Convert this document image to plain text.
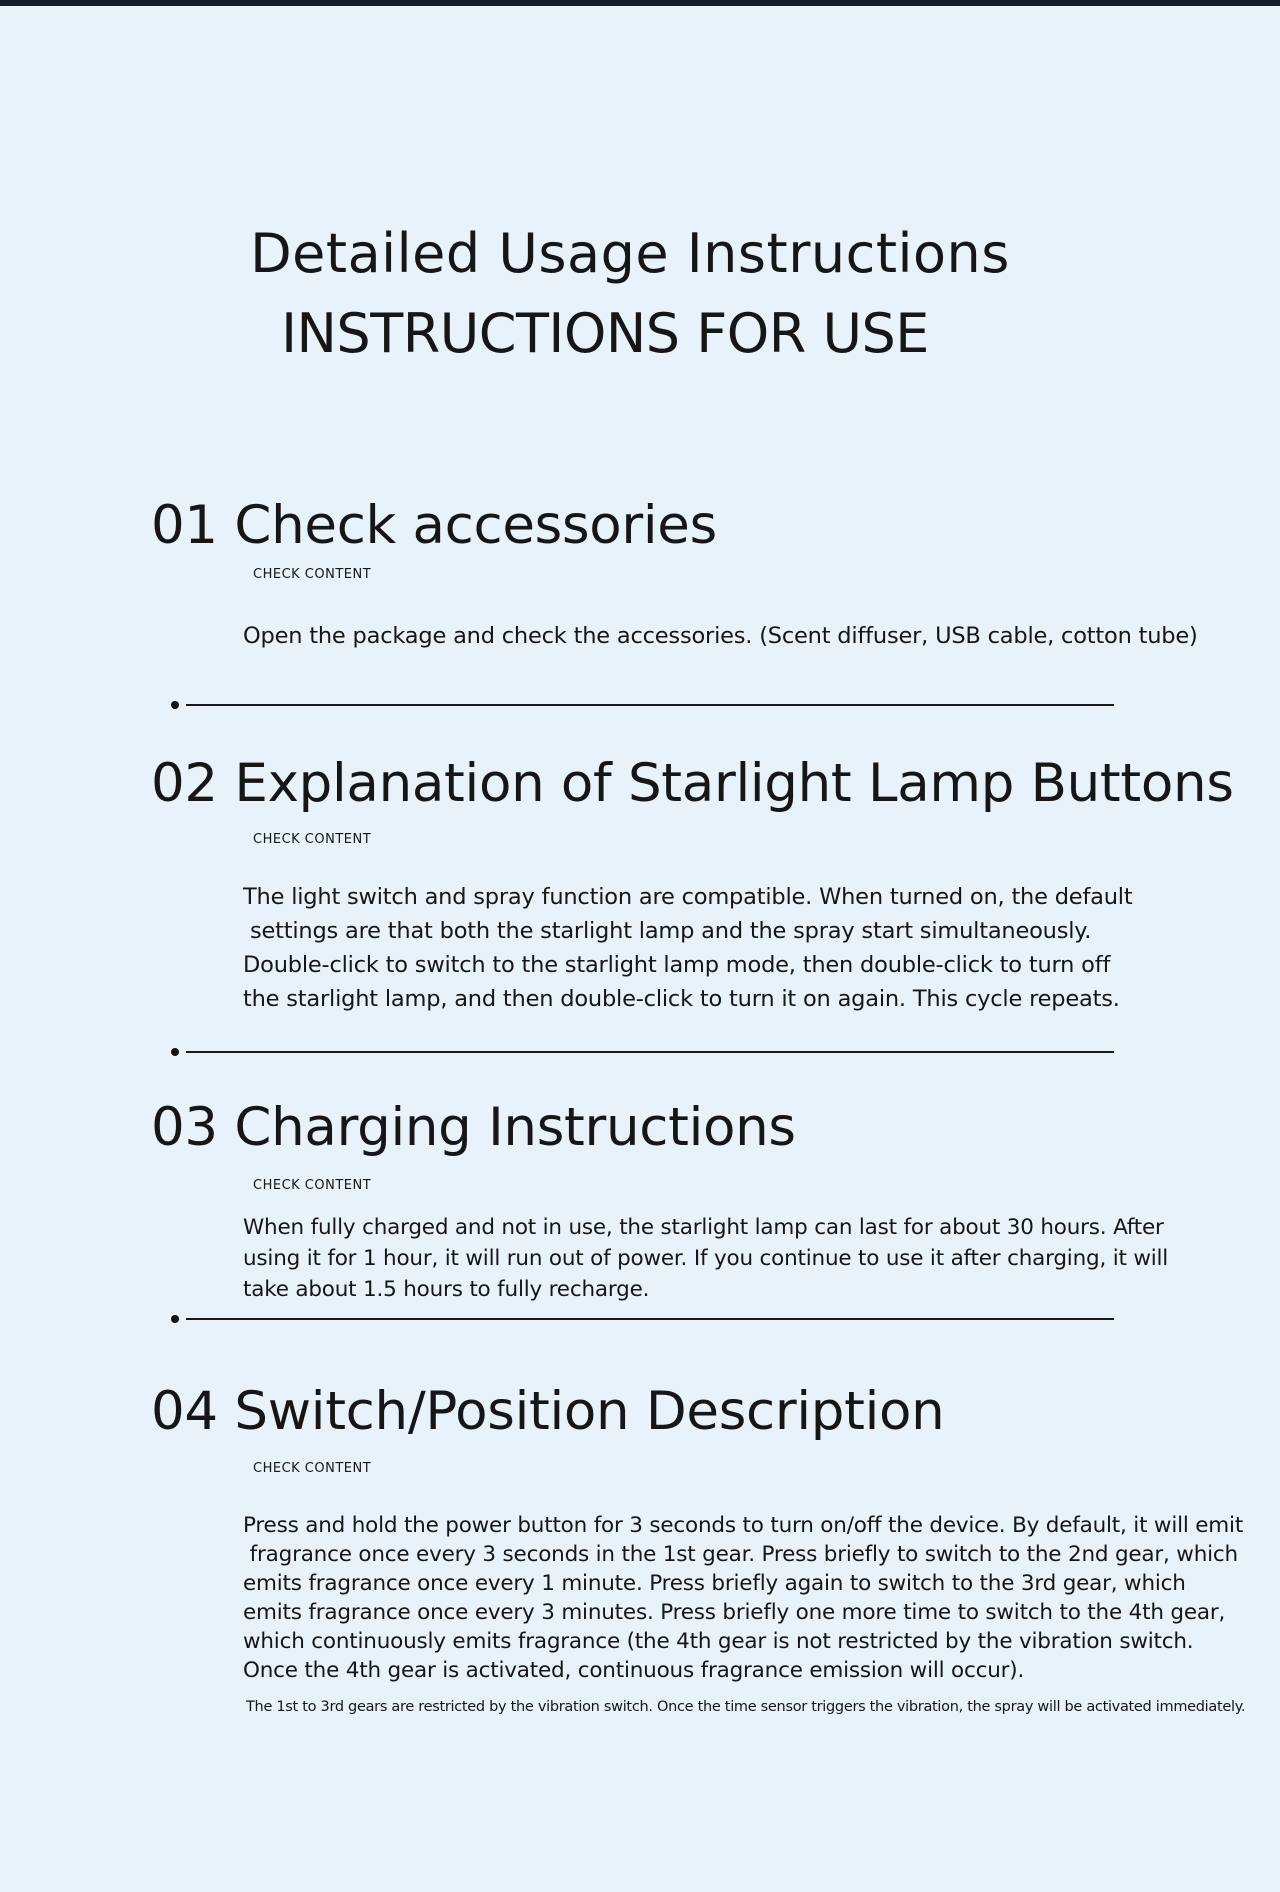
Detailed Usage Instructions
INSTRUCTIONS FOR USE
01 Check accessories
CHECK CONTENT
Open the package and check the accessories. (Scent diffuser, USB cable, cotton tube)
02 Explanation of Starlight Lamp Buttons
CHECK CONTENT
The light switch and spray function are compatible. When turned on, the default
settings are that both the starlight lamp and the spray start simultaneously.
Double-click to switch to the starlight lamp mode, then double-click to turn off
the starlight lamp, and then double-click to turn it on again. This cycle repeats.
03 Charging Instructions
CHECK CONTENT
When fully charged and not in use, the starlight lamp can last for about 30 hours. After
using it for 1 hour, it will run out of power. If you continue to use it after charging, it will
take about 1.5 hours to fully recharge.
04 Switch/Position Description
CHECK CONTENT
Press and hold the power button for 3 seconds to turn on/off the device. By default, it will emit
fragrance once every 3 seconds in the 1st gear. Press briefly to switch to the 2nd gear, which
emits fragrance once every 1 minute. Press briefly again to switch to the 3rd gear, which
emits fragrance once every 3 minutes. Press briefly one more time to switch to the 4th gear,
which continuously emits fragrance (the 4th gear is not restricted by the vibration switch.
Once the 4th gear is activated, continuous fragrance emission will occur).
The 1st to 3rd gears are restricted by the vibration switch. Once the time sensor triggers the vibration, the spray will be activated immediately.
